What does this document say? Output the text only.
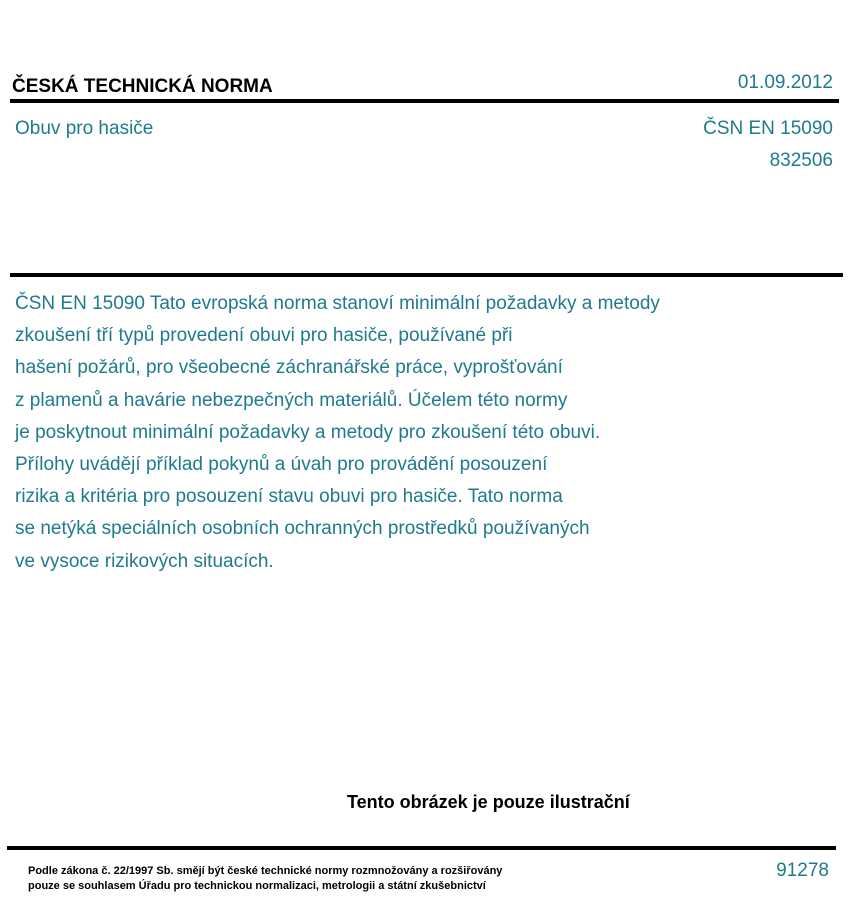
ČESKÁ TECHNICKÁ NORMA	01.09.2012
Obuv pro hasiče	ČSN EN 15090
832506
ČSN EN 15090 Tato evropská norma stanoví minimální požadavky a metody
zkoušení tří typů provedení obuvi pro hasiče, používané při
hašení požárů, pro všeobecné záchranářské práce, vyprošťování
z plamenů a havárie nebezpečných materiálů. Účelem této normy
je poskytnout minimální požadavky a metody pro zkoušení této obuvi.
Přílohy uvádějí příklad pokynů a úvah pro provádění posouzení
rizika a kritéria pro posouzení stavu obuvi pro hasiče. Tato norma
se netýká speciálních osobních ochranných prostředků používaných
ve vysoce rizikových situacích.
Tento obrázek je pouze ilustrační
Podle zákona č. 22/1997 Sb. smějí být české technické normy rozmnožovány a rozšiřovány
pouze se souhlasem Úřadu pro technickou normalizaci, metrologii a státní zkušebnictví
91278
